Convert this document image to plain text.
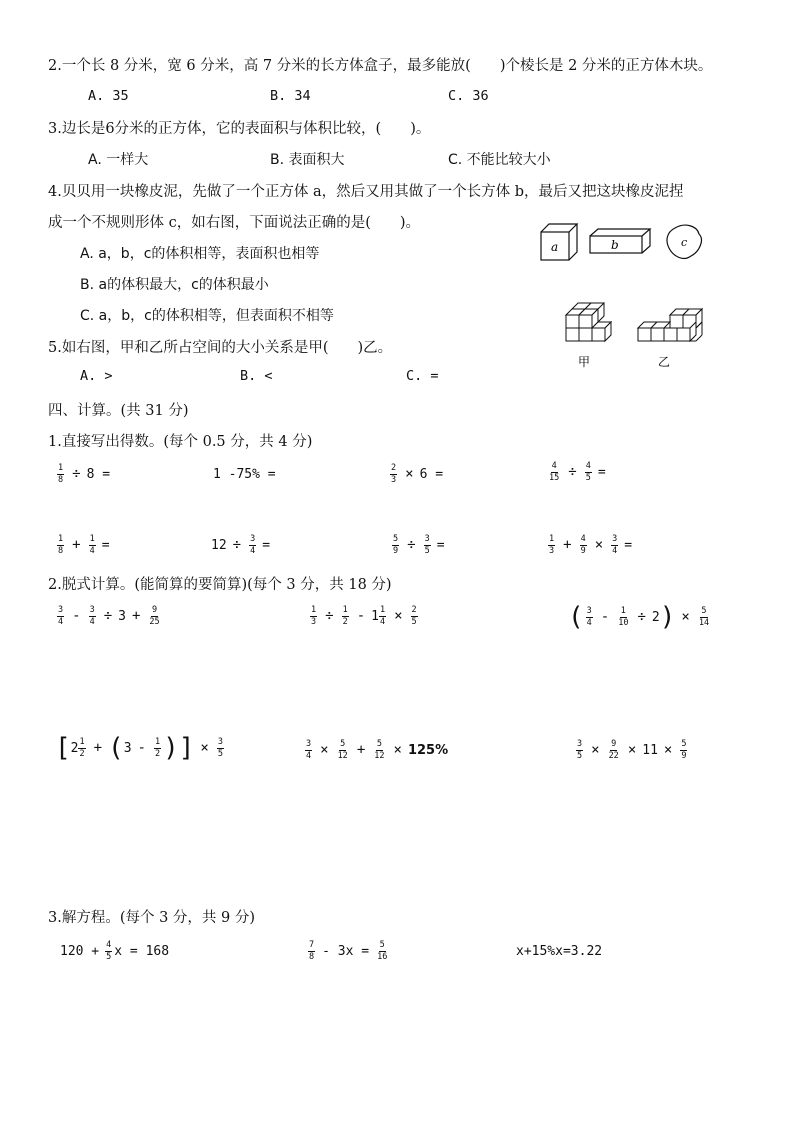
2.一个长 8 分米，宽 6 分米，高 7 分米的长方体盒子，最多能放(　　)个棱长是 2 分米的正方体木块。
A. 35	B. 34	C. 36
3.边长是6分米的正方体，它的表面积与体积比较，(　　)。
A. 一样大	B. 表面积大	C. 不能比较大小
4.贝贝用一块橡皮泥，先做了一个正方体 a，然后又用其做了一个长方体 b，最后又把这块橡皮泥捏
成一个不规则形体 c，如右图，下面说法正确的是(　　)。
A. a，b，c的体积相等，表面积也相等
B. a的体积最大，c的体积最小
C. a，b，c的体积相等，但表面积不相等
a	b	c
5.如右图，甲和乙所占空间的大小关系是甲(　　)乙。
A. >	B. <	C. =
甲	乙
四、计算。(共 31 分)
1.直接写出得数。(每个 0.5 分，共 4 分)
$\frac{1}{8} \div 8$ =	1 -75% =	$\frac{2}{3} \times 6$ =	$\frac{4}{15} \div \frac{4}{5}$ =
$\frac{1}{8} + \frac{1}{4}$ =	$12 \div \frac{3}{4}$ =	$\frac{5}{9} \div \frac{3}{5}$ =	$\frac{1}{3} + \frac{4}{9} \times \frac{3}{4}$ =
2.脱式计算。(能简算的要简算)(每个 3 分，共 18 分)
$\frac{3}{4} - \frac{3}{4} \div 3 + \frac{9}{25}$	$\frac{1}{3} \div \frac{1}{2} - 1 \frac{1}{4} \times \frac{2}{5}$	( $\frac{3}{4} - \frac{1}{10} \div 2$ ) × $\frac{5}{14}$
[ $2 \frac{1}{2}$ + ( $3 - \frac{1}{2}$ ) ] × $\frac{3}{5}$	$\frac{3}{4} \times \frac{5}{12} + \frac{5}{12} \times 125\%$	$\frac{3}{5} \times \frac{9}{22} \times 11 \times \frac{5}{9}$
3.解方程。(每个 3 分，共 9 分)
$120 + \frac{4}{5}$ x = 168	$\frac{7}{8} - 3x = \frac{5}{16}$	x+15%x=3.22
